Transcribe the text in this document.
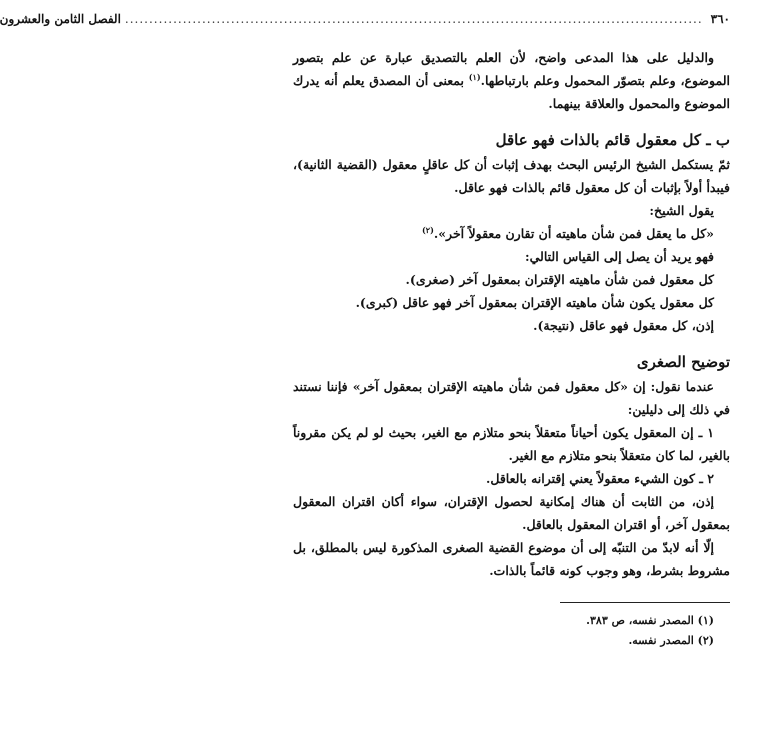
٣٦٠
........................................................................................................................
الفصل الثامن والعشرون

والدليل على هذا المدعى واضح، لأن العلم بالتصديق عبارة عن علم بتصور الموضوع، وعلم بتصوّر المحمول وعلم بارتباطها.$^{(١)}$ بمعنى أن المصدق يعلم أنه يدرك الموضوع والمحمول والعلاقة بينهما.

ب ـ كل معقول قائم بالذات فهو عاقل

ثمّ يستكمل الشيخ الرئيس البحث بهدف إثبات أن كل عاقلٍ معقول (القضية الثانية)، فيبدأ أولاً بإثبات أن كل معقول قائم بالذات فهو عاقل.

يقول الشيخ:

«كل ما يعقل فمن شأن ماهيته أن تقارن معقولاً آخر».$^{(٢)}$

فهو يريد أن يصل إلى القياس التالي:

كل معقول فمن شأن ماهيته الإقتران بمعقول آخر (صغرى).

كل معقول يكون شأن ماهيته الإقتران بمعقول آخر فهو عاقل (كبرى).

إذن، كل معقول فهو عاقل (نتيجة).

توضيح الصغرى

عندما نقول: إن «كل معقول فمن شأن ماهيته الإقتران بمعقول آخر» فإننا نستند في ذلك إلى دليلين:

١ ـ إن المعقول يكون أحياناً متعقلاً بنحو متلازم مع الغير، بحيث لو لم يكن مقروناً بالغير، لما كان متعقلاً بنحو متلازم مع الغير.

٢ ـ كون الشيء معقولاً يعني إقترانه بالعاقل.

إذن، من الثابت أن هناك إمكانية لحصول الإقتران، سواء أكان اقتران المعقول بمعقول آخر، أو اقتران المعقول بالعاقل.

إلّا أنه لابدّ من التنبّه إلى أن موضوع القضية الصغرى المذكورة ليس بالمطلق، بل مشروط بشرط، وهو وجوب كونه قائماً بالذات.

(١) المصدر نفسه، ص ٣٨٣.

(٢) المصدر نفسه.
